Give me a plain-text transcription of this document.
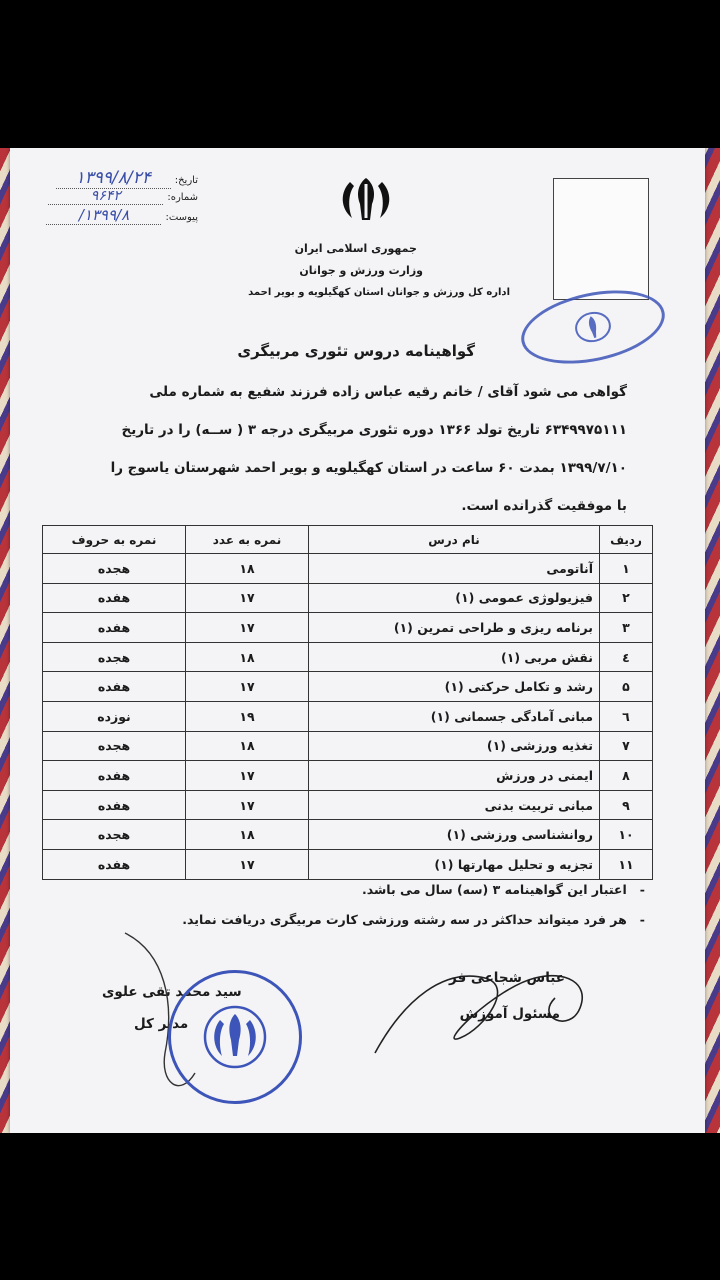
تاریخ:
۱۳۹۹/۸/۲۴
شماره:
۹۶۴۲
پیوست:
۱۳۹۹/۸/
جمهوری اسلامی ایران
وزارت ورزش و جوانان
اداره کل ورزش و جوانان استان کهگیلویه و بویر احمد
گواهینامه دروس تئوری مربیگری
گواهی می شود آقای / خانم رقیه عباس زاده فرزند شفیع به شماره ملی
۶۳۴۹۹۷۵۱۱۱ تاریخ تولد ۱۳۶۶ دوره تئوری مربیگری درجه ۳ ( ســه) را در تاریخ
۱۳۹۹/۷/۱۰ بمدت ۶۰ ساعت در استان کهگیلویه و بویر احمد شهرستان یاسوج را
با موفقیت گذرانده است.
ردیف	نام درس	نمره به عدد	نمره به حروف
۱	آناتومی	۱۸	هجده
۲	فیزیولوژی عمومی (۱)	۱۷	هفده
۳	برنامه ریزی و طراحی تمرین (۱)	۱۷	هفده
٤	نقش مربی (۱)	۱۸	هجده
۵	رشد و تکامل حرکتی (۱)	۱۷	هفده
٦	مبانی آمادگی جسمانی (۱)	۱۹	نوزده
۷	تغذیه ورزشی (۱)	۱۸	هجده
۸	ایمنی در ورزش	۱۷	هفده
۹	مبانی تربیت بدنی	۱۷	هفده
۱۰	روانشناسی ورزشی (۱)	۱۸	هجده
۱۱	تجزیه و تحلیل مهارتها (۱)	۱۷	هفده
-   اعتبار این گواهینامه ۳ (سه) سال می باشد.
-   هر فرد میتواند حداکثر در سه رشته ورزشی کارت مربیگری دریافت نماید.
عباس شجاعی فر
مسئول آموزش
سید محمد تقی علوی
مدیر کل
